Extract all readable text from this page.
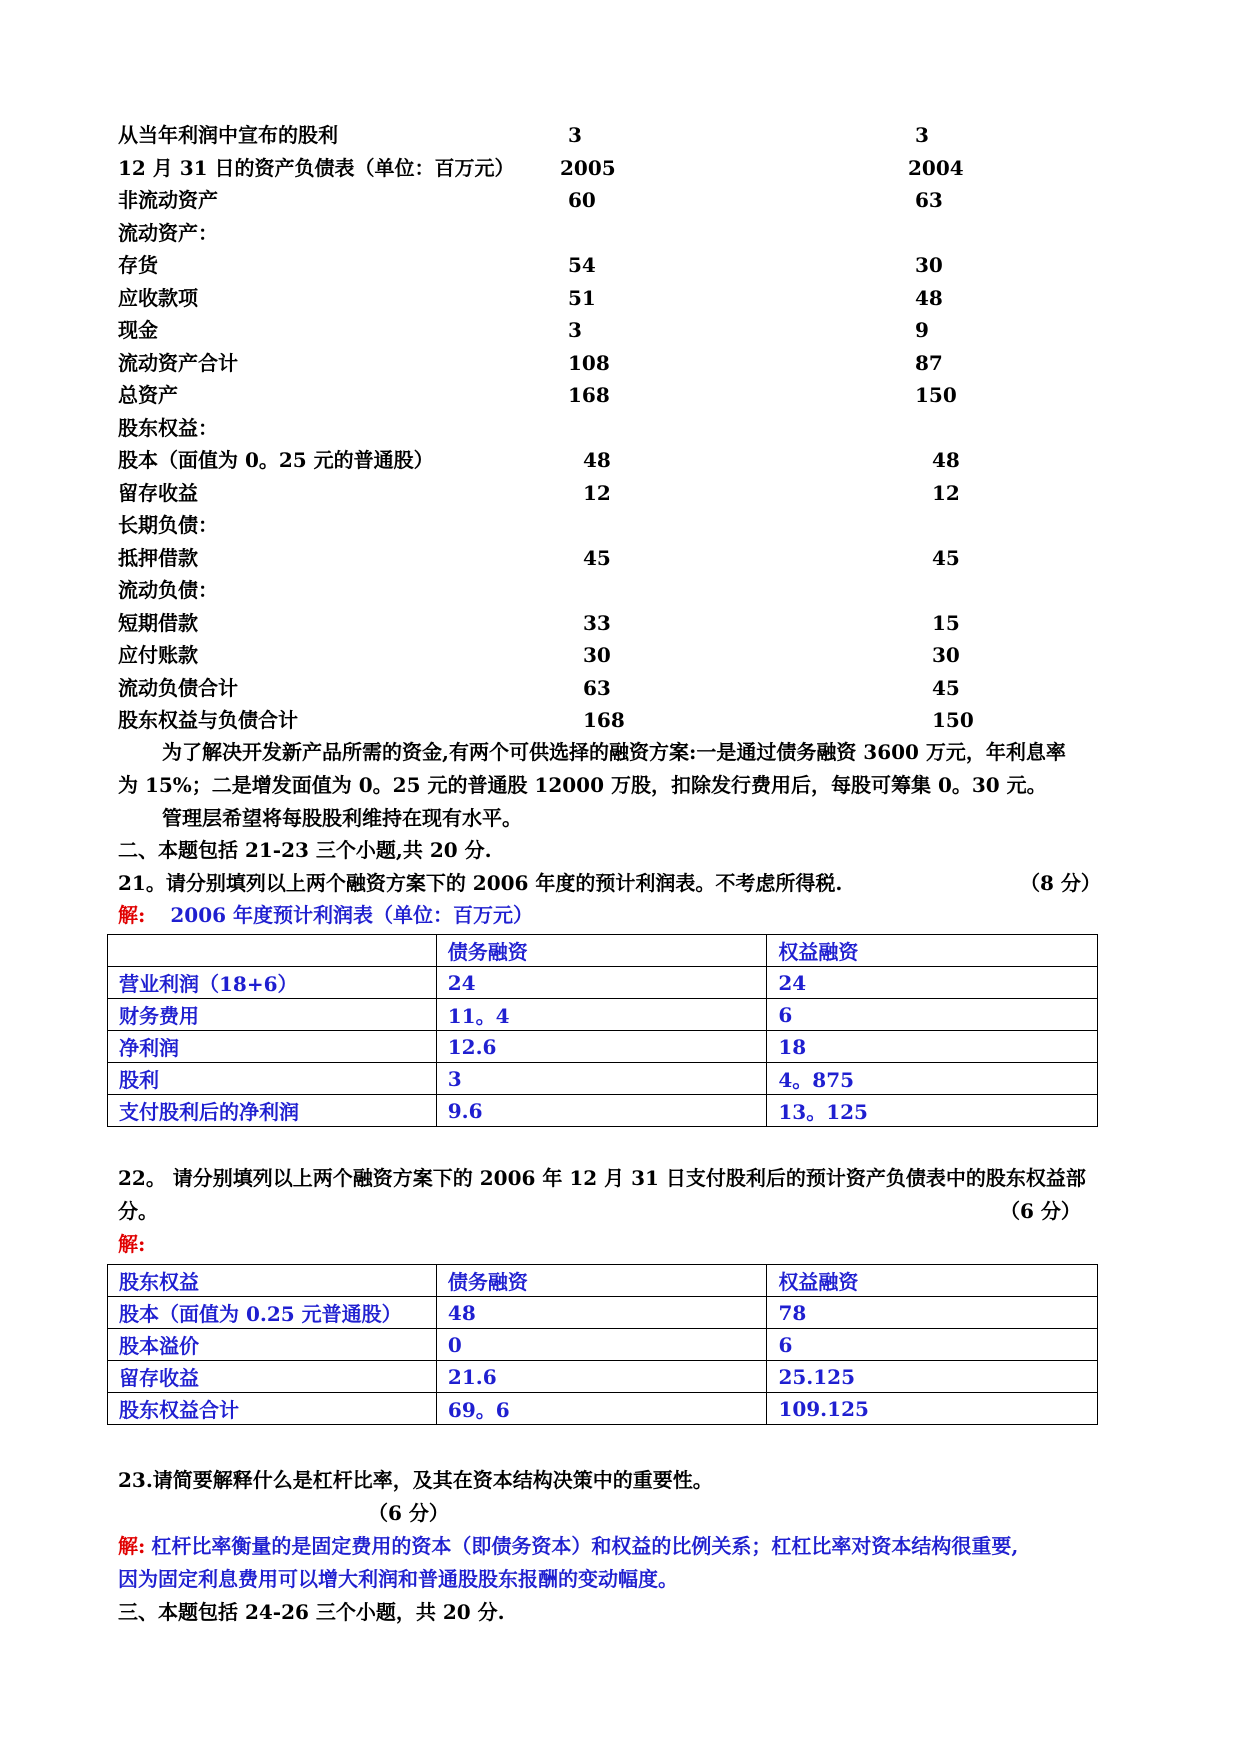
从当年利润中宣布的股利	3	3
12 月 31 日的资产负债表（单位：百万元） 2005	2004
非流动资产	60	63
流动资产：
存货	54	30
应收款项	51	48
现金	3	9
流动资产合计	108	87
总资产	168	150
股东权益：
股本（面值为 0。25 元的普通股）	48	48
留存收益	12	12
长期负债：
抵押借款	45	45
流动负债：
短期借款	33	15
应付账款	30	30
流动负债合计	63	45
股东权益与负债合计	168	150
为了解决开发新产品所需的资金,有两个可供选择的融资方案:一是通过债务融资 3600 万元，年利息率
为 15%；二是增发面值为 0。25 元的普通股 12000 万股，扣除发行费用后，每股可筹集 0。30 元。
管理层希望将每股股利维持在现有水平。
二、本题包括 21-23 三个小题,共 20 分.
21。请分别填列以上两个融资方案下的 2006 年度的预计利润表。不考虑所得税.	（8 分）
解: 2006 年度预计利润表（单位：百万元）
	债务融资	权益融资
营业利润（18+6）	24	24
财务费用	11。4	6
净利润	12.6	18
股利	3	4。875
支付股利后的净利润	9.6	13。125
22。 请分别填列以上两个融资方案下的 2006 年 12 月 31 日支付股利后的预计资产负债表中的股东权益部
分。	（6 分）
解:
股东权益	债务融资	权益融资
股本（面值为 0.25 元普通股）	48	78
股本溢价	0	6
留存收益	21.6	25.125
股东权益合计	69。6	109.125
23.请简要解释什么是杠杆比率，及其在资本结构决策中的重要性。
（6 分）
解: 杠杆比率衡量的是固定费用的资本（即债务资本）和权益的比例关系；杠杠比率对资本结构很重要,
因为固定利息费用可以增大利润和普通股股东报酬的变动幅度。
三、本题包括 24-26 三个小题，共 20 分.
